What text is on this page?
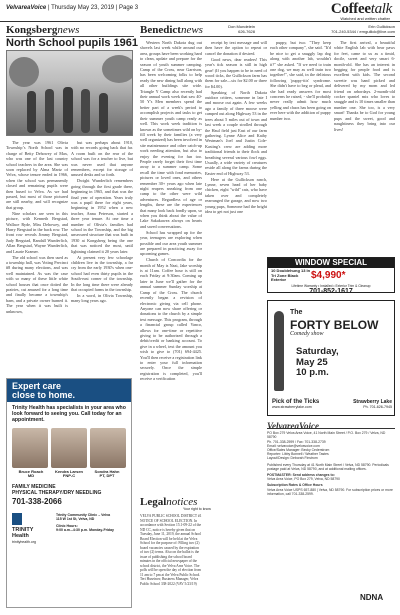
VelvareaVoice | Thursday May 23, 2019 | Page 3	Coffeetalk
Watched and written chatter
Kongsbergnews	Don Mundelein
626-7628
North School pupils 1961

The year was 1961 Olivia Townshipʼs North School was in charge of Betty Dehowey of Max, who was one of the last country school teachers in the area. She was soon replaced by Alma Martz of Velva, whose tenure ended in 1966, when the school was permanently closed and remaining pupils were then bused to Velva. As we had passed, but most of those pictured are still nearby, and will recognize that group.

Nine scholars are seen in this picture, with Kenneth Bergstad, Wallace Ryde, Miss Dehowey, and Harry Bergstad in the back row. The front row reveals Jimmy Bergstad, Judy Bergstad, Randall Wunderlich, Allan Bergstad, Wayne Wunderlich, and Laurie Kramer.

The old school was then used as a township hall, was Voting Precinct #8 during many elections, and was well maintained. As was the case with so many of these little white school houses that once dotted the prairies, cut amused for a long time and finally became a township's barn, and a private owner burned it. The year when it was built is unknown,

but was perhaps about 1910, with no records going back that far. A room built on the rear of the school was for a teacher to live, but was never used that anyone remembers, except for storage of unused desks and so forth.

Dwight Wunderlich remembers going through the first grade there, beginning in 1965, and that was the final year of operation. Years truly was a pupil there for eight years, beginning in 1952 when a new teacher, Anna Peterson, started a three year tenure. At one time a number of Olivia's families had school in the Township, and the big unsecured structure that was built in 1930 at Kongsberg being the one that was noticed the most, until lightning claimed it 20 years later.

At present very few schoolage children live in the township, a far cry from the early 1930's when one-school had even thirty pupils in the South-east corner of the township. In the long time there were already that occupied farms in the township.

In a word, in Olivia Township, many long years ago.

Expert care
close to home.
Trinity Health has specialists in your area who look forward to seeing you. Call today for an appointment.
Bruce Roach
MD
Kendra Larsen
FNP-C
Sondra Hahn
PT, DPT
FAMILY MEDICINE
PHYSICAL THERAPY/DRY NEEDLING
701-338-2066
TRINITY
Health
trinityhealth.org
Trinity Community Clinic – Velva
115 W 1st St, Velva, ND
Clinic Hours:
9:00 a.m.–4:30 p.m. Monday-Friday
Benedictnews	Erin Gullickson
701-240-5344 / erngullick@live.com

Western North Dakota dug out shovels last week while around our area, groups have been working hard to clean, update and prepare for the season of youth summer camping. Camp of the Cross, near Garrison, has been welcoming folks to help ready the new dining hall along with all other buildings site wide. Triangle Y Camp also recently had their annual work week that saw 40-50 Y's Men members spend the better part of a week's period to accomplish projects and tasks to get their summer youth camp ready as well. This work week tradition is known as the sometimes wild on by-fill week by their families (a very well organized) has been involved in site maintenance and other catch-up work needing attention, but also to enjoy the evening for fun too. People rarely forget their first time away to a summer camp. Some recall the time with fond memories, pictures or loved ones, and others remember 30+ years ago when late night reapers sneaking from one camp to the other were wild adventures. Regardless of age or lengths, these are the experiences that many look back fondly upon, so when you think about the value of Lake Sakakawea always on hearts and saved conversations.

School has wrapped up for the year, teenagers are exploring when possible and our area youth summer are prepared in practicing away for upcoming games.

Church of Concordia for the month of May is Nazi, Jake worship is at 11am. Coffee hour is still on each Friday at 9:30am. Coming up later in June we'll gather for the annual summer Sunday worship at Camp of the Cross. The church recently began a revision of electronic giving via cell phone. Anyone can now share offering or donations to the church by a simple text message. This program, through a financial group called Vanco, allows for one-time or repetitive giving to be authorized through a debit/credit or banking account. To give in a wheel, text the amount you wish to give to (701) 694-4425. You'll then receive a registration link to enter your full information securely. Once the simple registration is completed, you'll receive a verification

receipt by text message and will then have the option to repeat or cancel the donation if desired.

Good news, dear readers! This year's tick season is still in high gear! (If you happen to be in need of wood ticks, the Gullickson farm has them for sale—six for $2.00 or three for $4.00).

Speaking of North Dakota outdoor critters, someone in late I and moose out again. A few weeks ago a family of three moose were camped out along Highway 53 in the trees about 5 miles out of town and last week a couple strolled through the Haul field just East of our farm gathering. Lynne Alice and Kathy Westman's Joel and Justin Cole-Kasting's crew are adding more traditional friends to their flock and breathing several various fowl eggs. Usually, a wide variety of creatures reside all along the farms during the Easter end of Highway 53.

Here at the Gullickson ranch, Lynne, seven head of her baby chicken, eight "wild" cats, who have taken over and completely rearranged the garage, and now two young pups, Someone had the bright idea to get not just one

puppy, but two. "They keep each other company", she said. "It'd be nice to get a snuggly lap dog along with another lab, wouldn't it?" she asked. "If we need to train one dog, we may as well train two together!", she said, in the delirious following 'puppy-itis' syndrome. She didn't have to beg or plead, and she had ready answers for most concerns he raised, - she'll probably never really admit how much yelling and chaos has been going on ever here with the addition of puppy number two.

The first arrival, a beautiful white English lab with bear paws for feet, came to us as a timid, docile, sweet and very smart 6-month-old. She has an interest in begging for people food and is excellent with kids. The second sweetie was hand picked and delivered by my mom and led friend on arbordays. 2-month-old cocker spaniel mix who loves to snuggle and is 10 times smaller than number one. She too, is a very smart! Thanks be to God for young pups and the sweet, good and naughtiness they bring into our lives!

WINDOW SPECIAL
10 Doublehung 13 In Tri Zone Black Exterior	$4,990*
Lifetime Warranty • Installed • Exterior Trim & Cleanup
701-852-1617
The
FORTY BELOW
Comedy show
Saturday,
May 25
10 p.m.
Pick of the Ticks	Strawberry Lake
www.strawberrylake.com	Ph. 701-626-7945
Legalnotices
Your right to know

VELVA PUBLIC SCHOOL DISTRICT #1 NOTICE OF SCHOOL ELECTION. In accordance with Section 15.1-09-22 of the ND CC, notice is hereby given that on Tuesday, June 11, 2019, the annual School Board Election will be held at the Velva School for the purpose of: Filling two (2) board vacancies caused by the expiration of two (2) terms. Also on the ballot is the issue of publishing the school board minutes in the official newspaper of the school district, the Velva Area Voice. The polls will be open the day of election from 11 am to 7 pm at the Velva Public School. Teri Huseinov, Business Manager, Velva Public School 338-2022 (VAV 5/23/19)

VelvareaVoice
PO Box 279 Velva Area Voice, 41 North Main Street / P.O. Box 279 / Velva, ND 58790
Ph. 701-338-2599 / Fax: 701-338-2739
Email: velvavoice@velvavoice.com
Office/Sales Manager: Becky Cederstrom
Reporter: Libby Bonnell / Weather Tastes
Layout/Design: Deborah Finstrom
Published every Thursday at 41 North Main Street / Velva, ND 58790. Periodicals postage paid at Velva, ND 58790, and at additional mailing offices.
POSTMASTER: Send address changes to:
Velva Area Voice, PO Box 279, Velva, ND 58790
Subscription Rates & Office Hours
Velva Area Voice USPS 657-880 | Velva, ND 58790. For subscription prices or more information, call 701-338-2599.
NDNA
